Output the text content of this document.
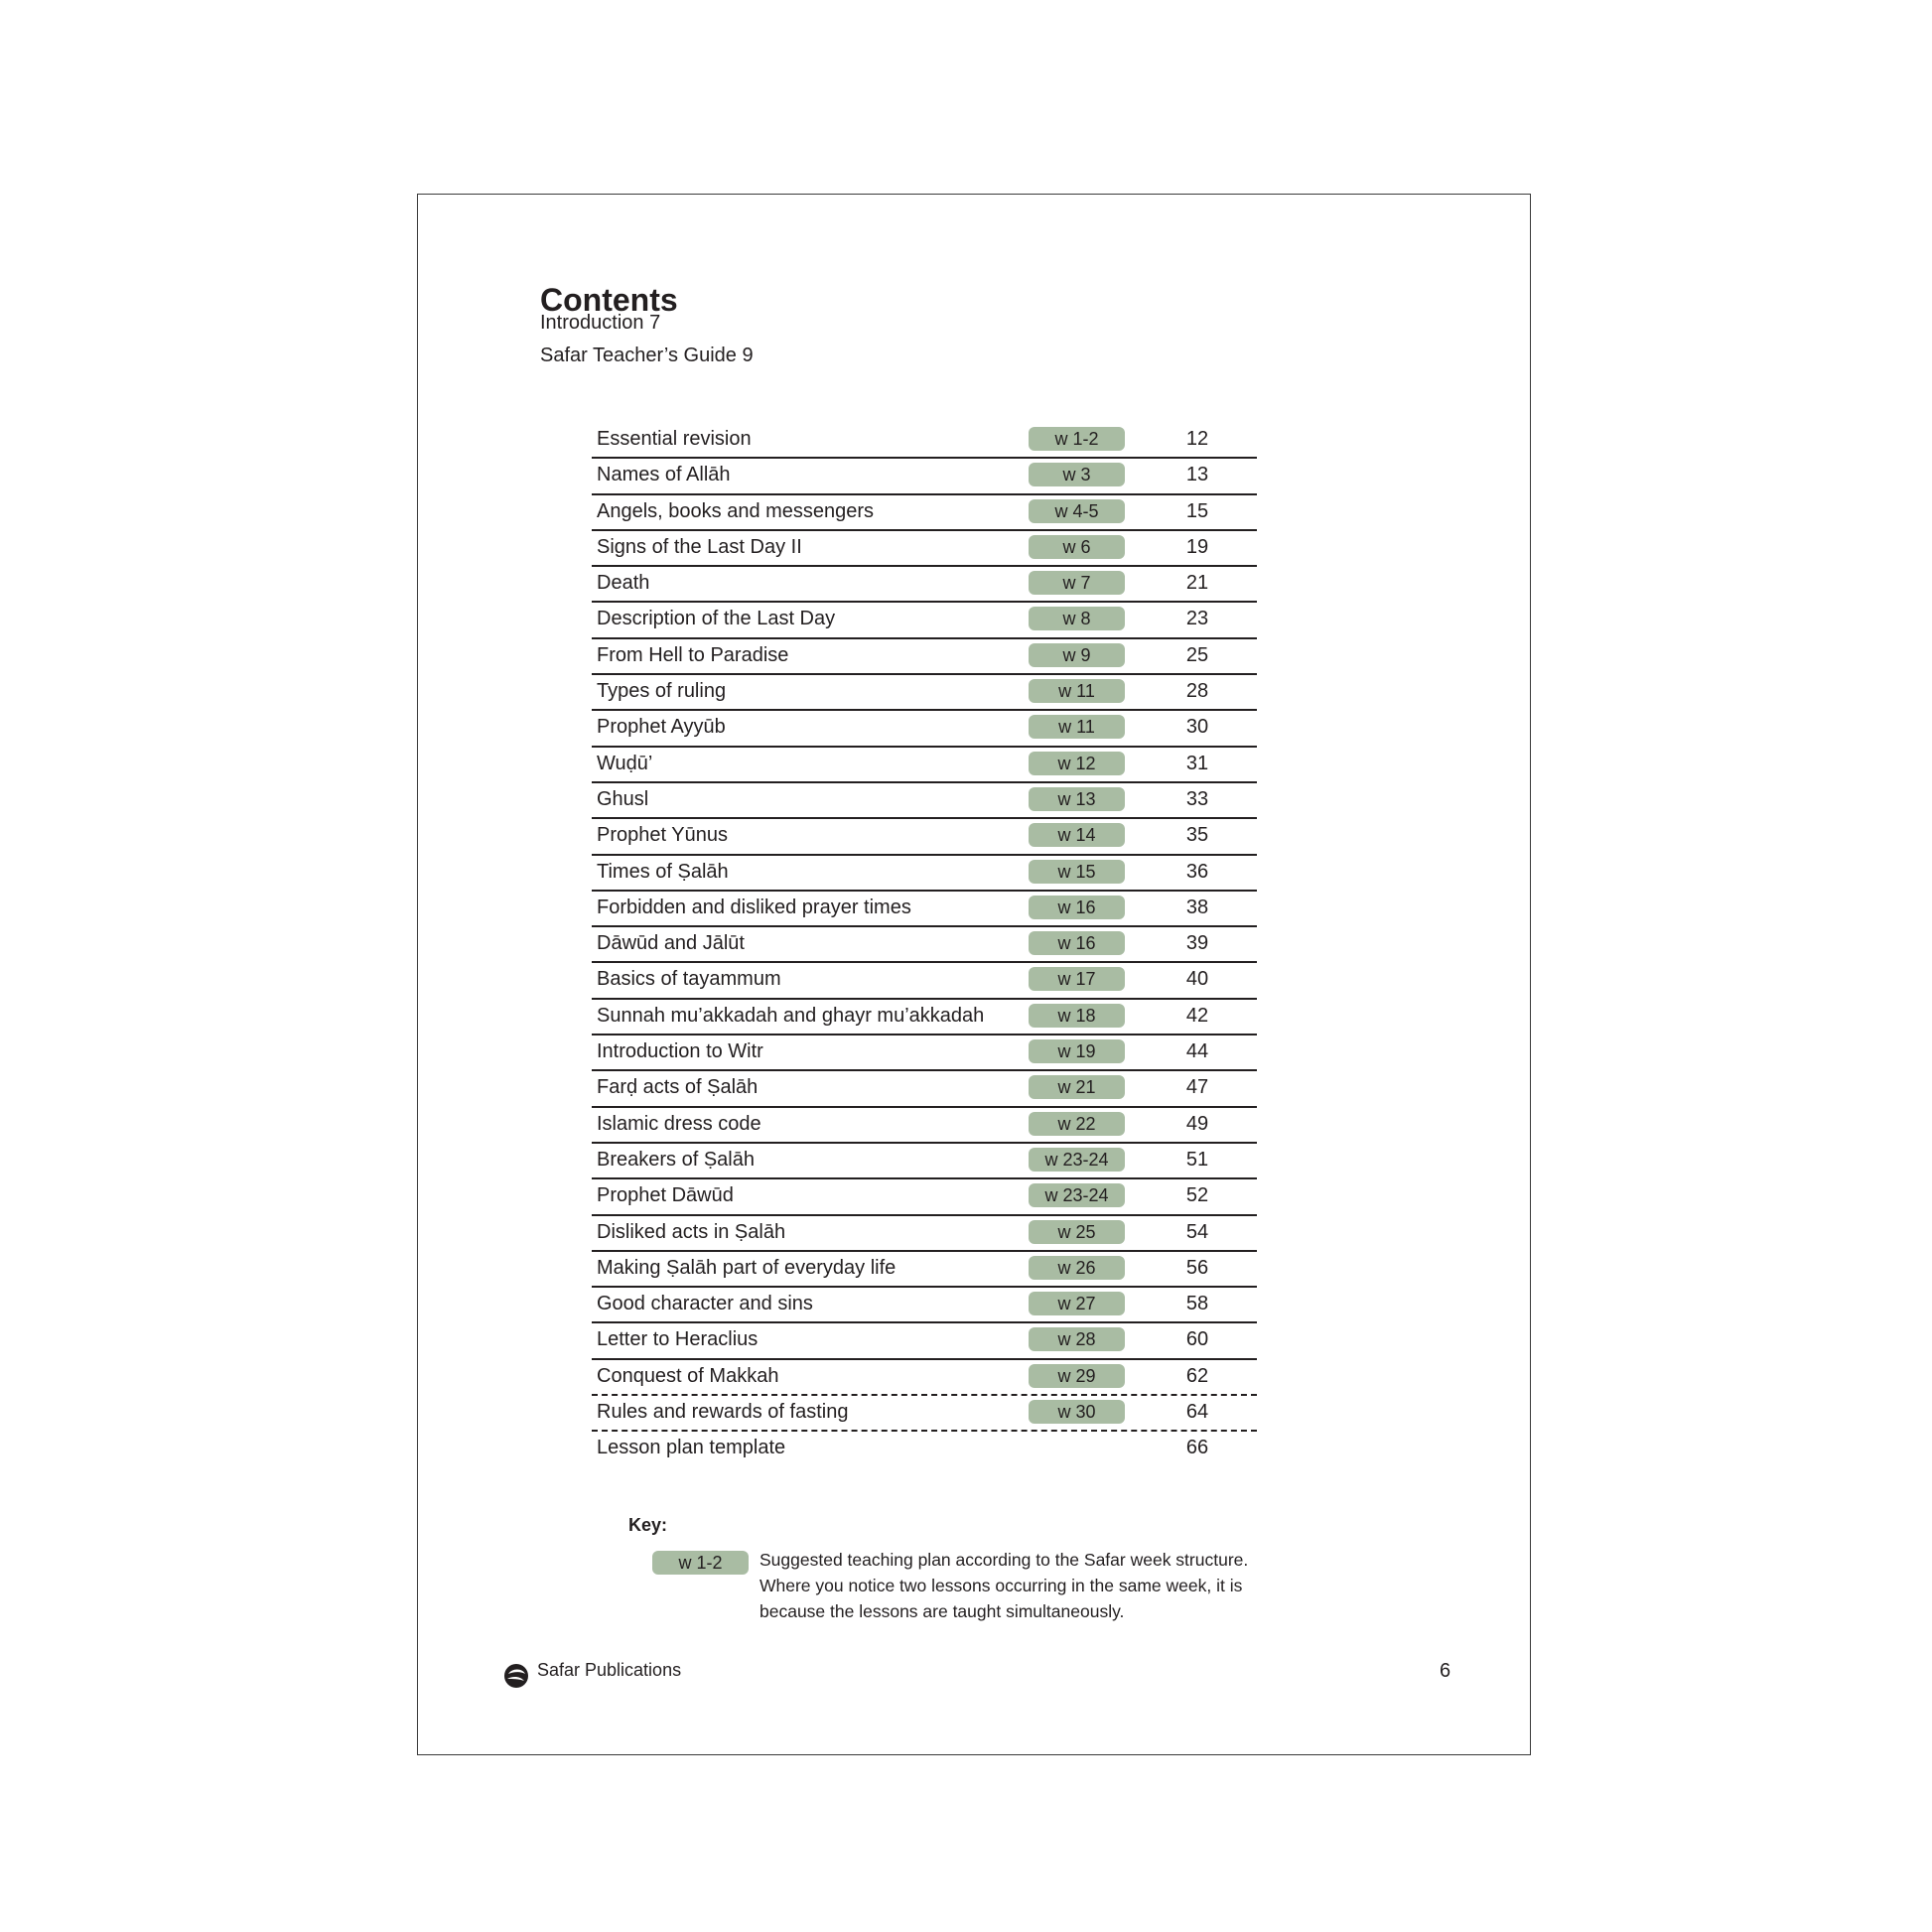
Contents
Introduction 7
Safar Teacher’s Guide 9
Essential revision	w 1-2	12
Names of Allāh	w 3	13
Angels, books and messengers	w 4-5	15
Signs of the Last Day II	w 6	19
Death	w 7	21
Description of the Last Day	w 8	23
From Hell to Paradise	w 9	25
Types of ruling	w 11	28
Prophet Ayyūb	w 11	30
Wuḍū’	w 12	31
Ghusl	w 13	33
Prophet Yūnus	w 14	35
Times of Ṣalāh	w 15	36
Forbidden and disliked prayer times	w 16	38
Dāwūd and Jālūt	w 16	39
Basics of tayammum	w 17	40
Sunnah mu’akkadah and ghayr mu’akkadah	w 18	42
Introduction to Witr	w 19	44
Farḍ acts of Ṣalāh	w 21	47
Islamic dress code	w 22	49
Breakers of Ṣalāh	w 23-24	51
Prophet Dāwūd	w 23-24	52
Disliked acts in Ṣalāh	w 25	54
Making Ṣalāh part of everyday life	w 26	56
Good character and sins	w 27	58
Letter to Heraclius	w 28	60
Conquest of Makkah	w 29	62
Rules and rewards of fasting	w 30	64
Lesson plan template	66
Key:
w 1-2	Suggested teaching plan according to the Safar week structure.
Where you notice two lessons occurring in the same week, it is
because the lessons are taught simultaneously.
Safar Publications	6
